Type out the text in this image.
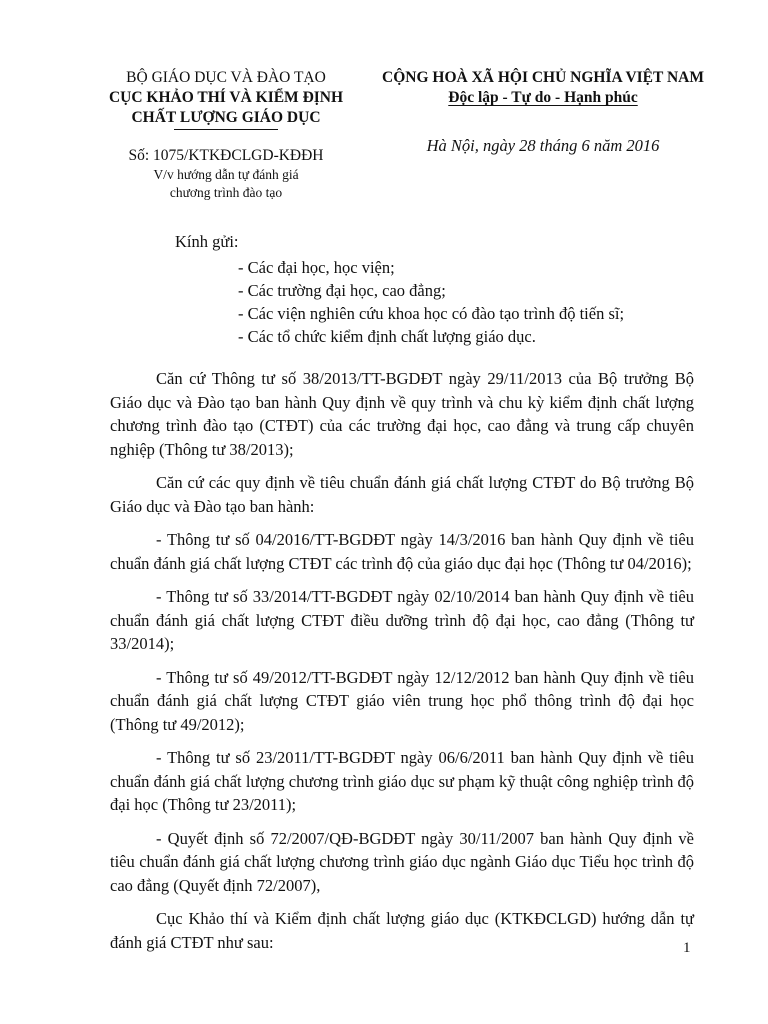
BỘ GIÁO DỤC VÀ ĐÀO TẠO
CỤC KHẢO THÍ VÀ KIỂM ĐỊNH
CHẤT LƯỢNG GIÁO DỤC
Số: 1075/KTKĐCLGD-KĐĐH
V/v hướng dẫn tự đánh giá
chương trình đào tạo
CỘNG HOÀ XÃ HỘI CHỦ NGHĨA VIỆT NAM
Độc lập - Tự do - Hạnh phúc
Hà Nội, ngày 28 tháng 6 năm 2016
Kính gửi:
- Các đại học, học viện;
- Các trường đại học, cao đẳng;
- Các viện nghiên cứu khoa học có đào tạo trình độ tiến sĩ;
- Các tổ chức kiểm định chất lượng giáo dục.

Căn cứ Thông tư số 38/2013/TT-BGDĐT ngày 29/11/2013 của Bộ trưởng Bộ Giáo dục và Đào tạo ban hành Quy định về quy trình và chu kỳ kiểm định chất lượng chương trình đào tạo (CTĐT) của các trường đại học, cao đẳng và trung cấp chuyên nghiệp (Thông tư 38/2013);

Căn cứ các quy định về tiêu chuẩn đánh giá chất lượng CTĐT do Bộ trưởng Bộ Giáo dục và Đào tạo ban hành:

- Thông tư số 04/2016/TT-BGDĐT ngày 14/3/2016 ban hành Quy định về tiêu chuẩn đánh giá chất lượng CTĐT các trình độ của giáo dục đại học (Thông tư 04/2016);

- Thông tư số 33/2014/TT-BGDĐT ngày 02/10/2014 ban hành Quy định về tiêu chuẩn đánh giá chất lượng CTĐT điều dưỡng trình độ đại học, cao đẳng (Thông tư 33/2014);

- Thông tư số 49/2012/TT-BGDĐT ngày 12/12/2012 ban hành Quy định về tiêu chuẩn đánh giá chất lượng CTĐT giáo viên trung học phổ thông trình độ đại học (Thông tư 49/2012);

- Thông tư số 23/2011/TT-BGDĐT ngày 06/6/2011 ban hành Quy định về tiêu chuẩn đánh giá chất lượng chương trình giáo dục sư phạm kỹ thuật công nghiệp trình độ đại học (Thông tư 23/2011);

- Quyết định số 72/2007/QĐ-BGDĐT ngày 30/11/2007 ban hành Quy định về tiêu chuẩn đánh giá chất lượng chương trình giáo dục ngành Giáo dục Tiểu học trình độ cao đẳng (Quyết định 72/2007),

Cục Khảo thí và Kiểm định chất lượng giáo dục (KTKĐCLGD) hướng dẫn tự đánh giá CTĐT như sau:	1
